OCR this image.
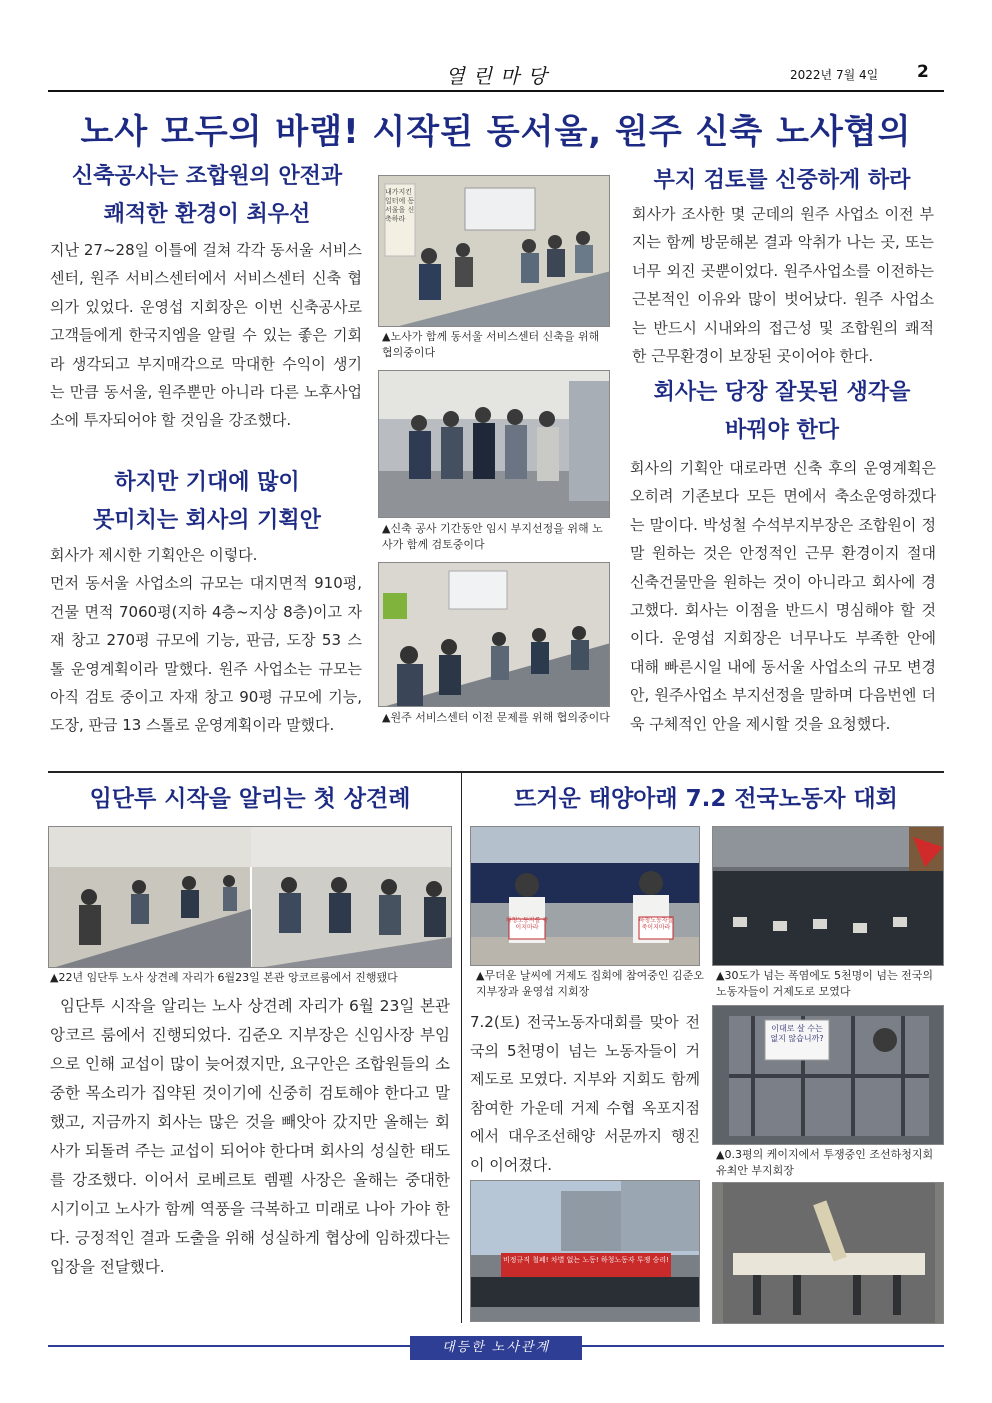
열린마당	2022년 7월 4일 2
노사 모두의 바램! 시작된 동서울, 원주 신축 노사협의
신축공사는 조합원의 안전과
쾌적한 환경이 최우선
지난 27~28일 이틀에 걸쳐 각각 동서울 서비스센터, 원주 서비스센터에서 서비스센터 신축 협의가 있었다. 운영섭 지회장은 이번 신축공사로 고객들에게 한국지엠을 알릴 수 있는 좋은 기회라 생각되고 부지매각으로 막대한 수익이 생기는 만큼 동서울, 원주뿐만 아니라 다른 노후사업소에 투자되어야 할 것임을 강조했다.
하지만 기대에 많이
못미치는 회사의 기획안
회사가 제시한 기획안은 이렇다.
먼저 동서울 사업소의 규모는 대지면적 910평, 건물 면적 7060평(지하 4층~지상 8층)이고 자재 창고 270평 규모에 기능, 판금, 도장 53 스톨 운영계획이라 말했다. 원주 사업소는 규모는 아직 검토 중이고 자재 창고 90평 규모에 기능, 도장, 판금 13 스톨로 운영계획이라 말했다.
내가지킨 일터에 동서울을 신축하라
▲노사가 함께 동서울 서비스센터 신축을 위해 협의중이다
▲신축 공사 기간동안 임시 부지선정을 위해 노사가 함께 검토중이다
▲원주 서비스센터 이전 문제를 위해 협의중이다
부지 검토를 신중하게 하라
회사가 조사한 몇 군데의 원주 사업소 이전 부지는 함께 방문해본 결과 악취가 나는 곳, 또는 너무 외진 곳뿐이었다. 원주사업소를 이전하는 근본적인 이유와 많이 벗어났다. 원주 사업소는 반드시 시내와의 접근성 및 조합원의 쾌적한 근무환경이 보장된 곳이어야 한다.
회사는 당장 잘못된 생각을
바꿔야 한다
회사의 기획안 대로라면 신축 후의 운영계획은 오히려 기존보다 모든 면에서 축소운영하겠다는 말이다. 박성철 수석부지부장은 조합원이 정말 원하는 것은 안정적인 근무 환경이지 절대 신축건물만을 원하는 것이 아니라고 회사에 경고했다. 회사는 이점을 반드시 명심해야 할 것이다. 운영섭 지회장은 너무나도 부족한 안에 대해 빠른시일 내에 동서울 사업소의 규모 변경안, 원주사업소 부지선정을 말하며 다음번엔 더욱 구체적인 안을 제시할 것을 요청했다.
임단투 시작을 알리는 첫 상견례
▲22년 임단투 노사 상견례 자리가 6월23일 본관 앙코르룸에서 진행됐다
임단투 시작을 알리는 노사 상견례 자리가 6월 23일 본관 앙코르 룸에서 진행되었다. 김준오 지부장은 신임사장 부임으로 인해 교섭이 많이 늦어졌지만, 요구안은 조합원들의 소중한 목소리가 집약된 것이기에 신중히 검토해야 한다고 말했고, 지금까지 회사는 많은 것을 빼앗아 갔지만 올해는 회사가 되돌려 주는 교섭이 되어야 한다며 회사의 성실한 태도를 강조했다. 이어서 로베르토 렘펠 사장은 올해는 중대한 시기이고 노사가 함께 역풍을 극복하고 미래로 나아 가야 한다. 긍정적인 결과 도출을 위해 성실하게 협상에 임하겠다는 입장을 전달했다.
뜨거운 태양아래 7.2 전국노동자 대회
하청노동자를 죽이지마라
하청노동자를 죽이지마라
▲무더운 날씨에 거제도 집회에 참여중인 김준오 지부장과 윤영섭 지회장
▲30도가 넘는 폭염에도 5천명이 넘는 전국의 노동자들이 거제도로 모였다
7.2(토) 전국노동자대회를 맞아 전국의 5천명이 넘는 노동자들이 거제도로 모였다. 지부와 지회도 함께 참여한 가운데 거제 수협 옥포지점에서 대우조선해양 서문까지 행진이 이어졌다.
이대로 살 수는 없지 않습니까?
▲0.3평의 케이지에서 투쟁중인 조선하청지회 유최안 부지회장
비정규직 철폐! 차별 없는 노동! 하청노동자 투쟁 승리!
대등한 노사관계
